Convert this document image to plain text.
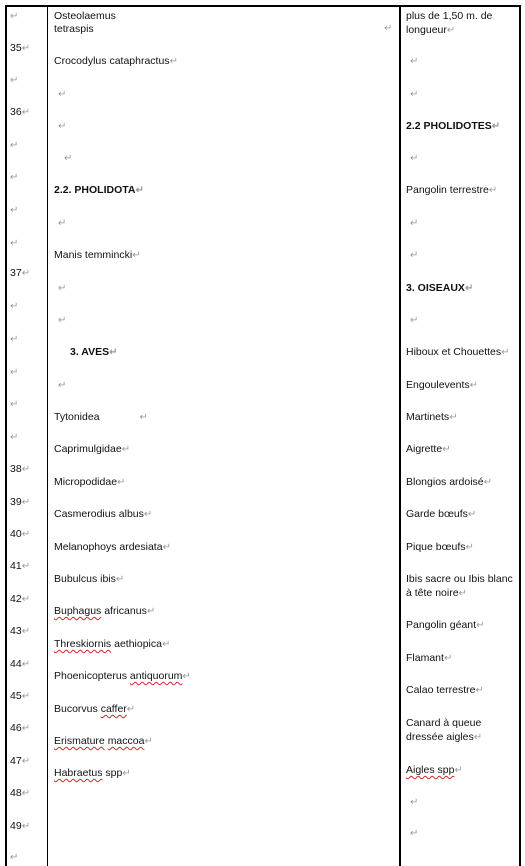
↵
35↵
↵
36↵
↵
↵
↵
↵
37↵
↵
↵
↵
↵
↵
38↵
39↵
40↵
41↵
42↵
43↵
44↵
45↵
46↵
47↵
48↵
49↵
↵
Osteolaemus
tetraspis	↵
Crocodylus cataphractus↵
↵
↵
↵
2.2. PHOLIDOTA↵
↵
Manis temmincki↵
↵
↵
3. AVES↵
↵
Tytonidea	↵
Caprimulgidae↵
Micropodidae↵
Casmerodius albus↵
Melanophoys ardesiata↵
Bubulcus ibis↵
Buphagus africanus↵
Threskiornis aethiopica↵
Phoenicopterus antiquorum↵
Bucorvus caffer↵
Erismature maccoa↵
Habraetus spp↵
plus de 1,50 m. de longueur↵
↵
↵
2.2 PHOLIDOTES↵
↵
Pangolin terrestre↵
↵
↵
3. OISEAUX↵
↵
Hiboux et Chouettes↵
Engoulevents↵
Martinets↵
Aigrette↵
Blongios ardoisé↵
Garde bœufs↵
Pique bœufs↵
Ibis sacre ou Ibis blanc à tête noire↵
Pangolin géant↵
Flamant↵
Calao terrestre↵
Canard à queue dressée aigles↵
Aigles spp↵
↵
↵
